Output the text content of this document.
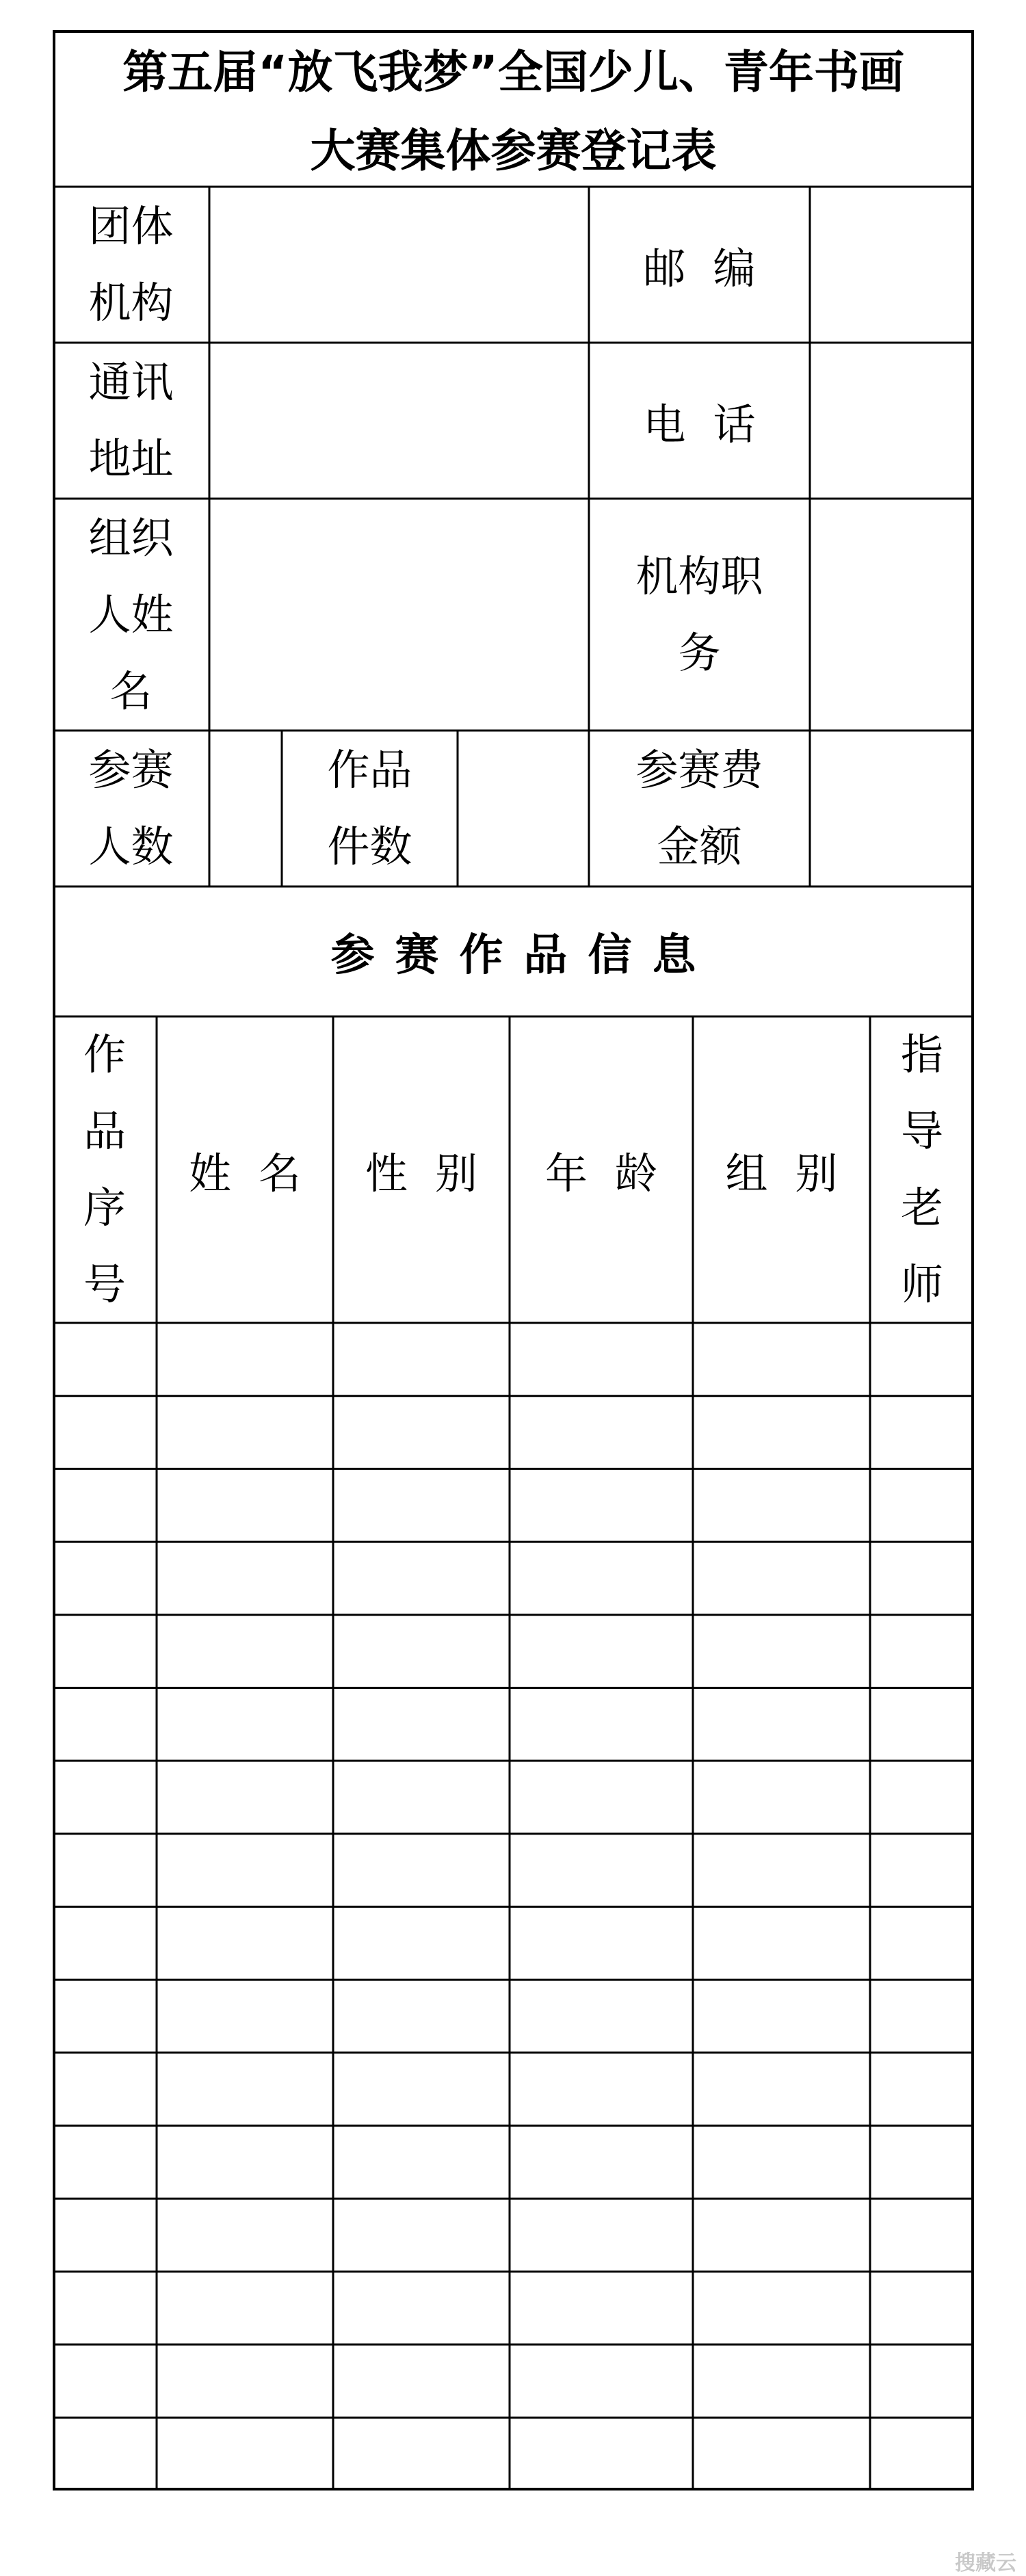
第五届“放飞我梦”全国少儿、青年书画
大赛集体参赛登记表
团体机构
邮编
通讯地址
电话
组织人姓名
机构职务
参赛人数
作品件数
参赛费金额
参赛作品信息
作品序号
姓名 性别 年龄 组别
指导老师
搜藏云
